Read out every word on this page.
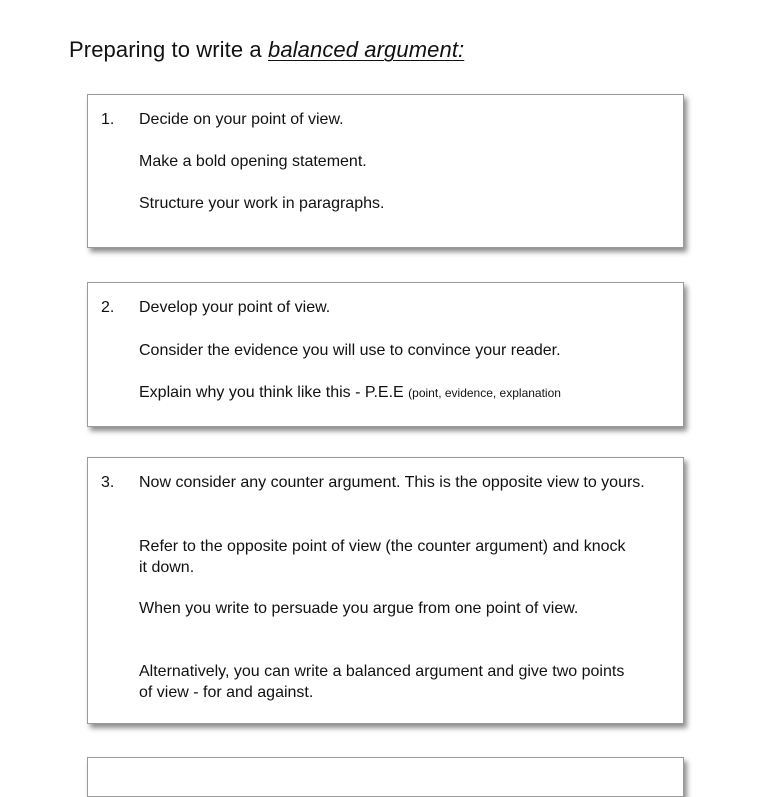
Preparing to write a balanced argument:
1. Decide on your point of view.
Make a bold opening statement.
Structure your work in paragraphs.
2. Develop your point of view.
Consider the evidence you will use to convince your reader.
Explain why you think like this - P.E.E (point, evidence, explanation
3. Now consider any counter argument. This is the opposite view to yours.
Refer to the opposite point of view (the counter argument) and knock it down.
When you write to persuade you argue from one point of view.
Alternatively, you can write a balanced argument and give two points of view - for and against.
